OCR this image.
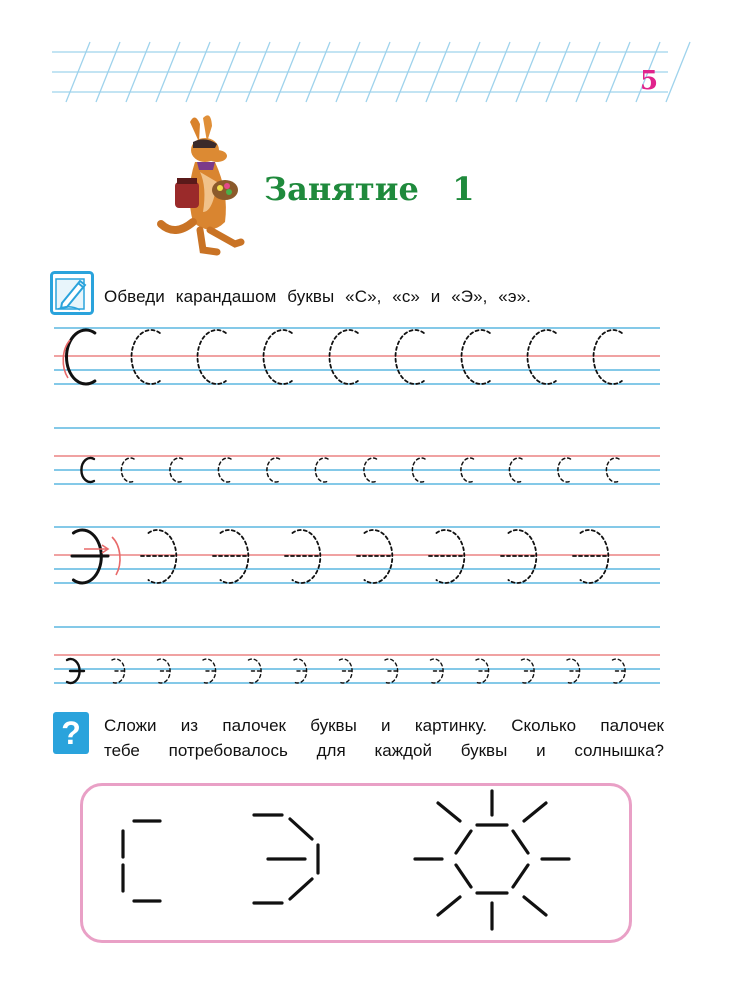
5
Занятие   1
Обведи карандашом буквы «С», «с» и «Э», «э».
?	Сложи из палочек буквы и картинку. Сколько палочек
тебе потребовалось для каждой буквы и солнышка?
